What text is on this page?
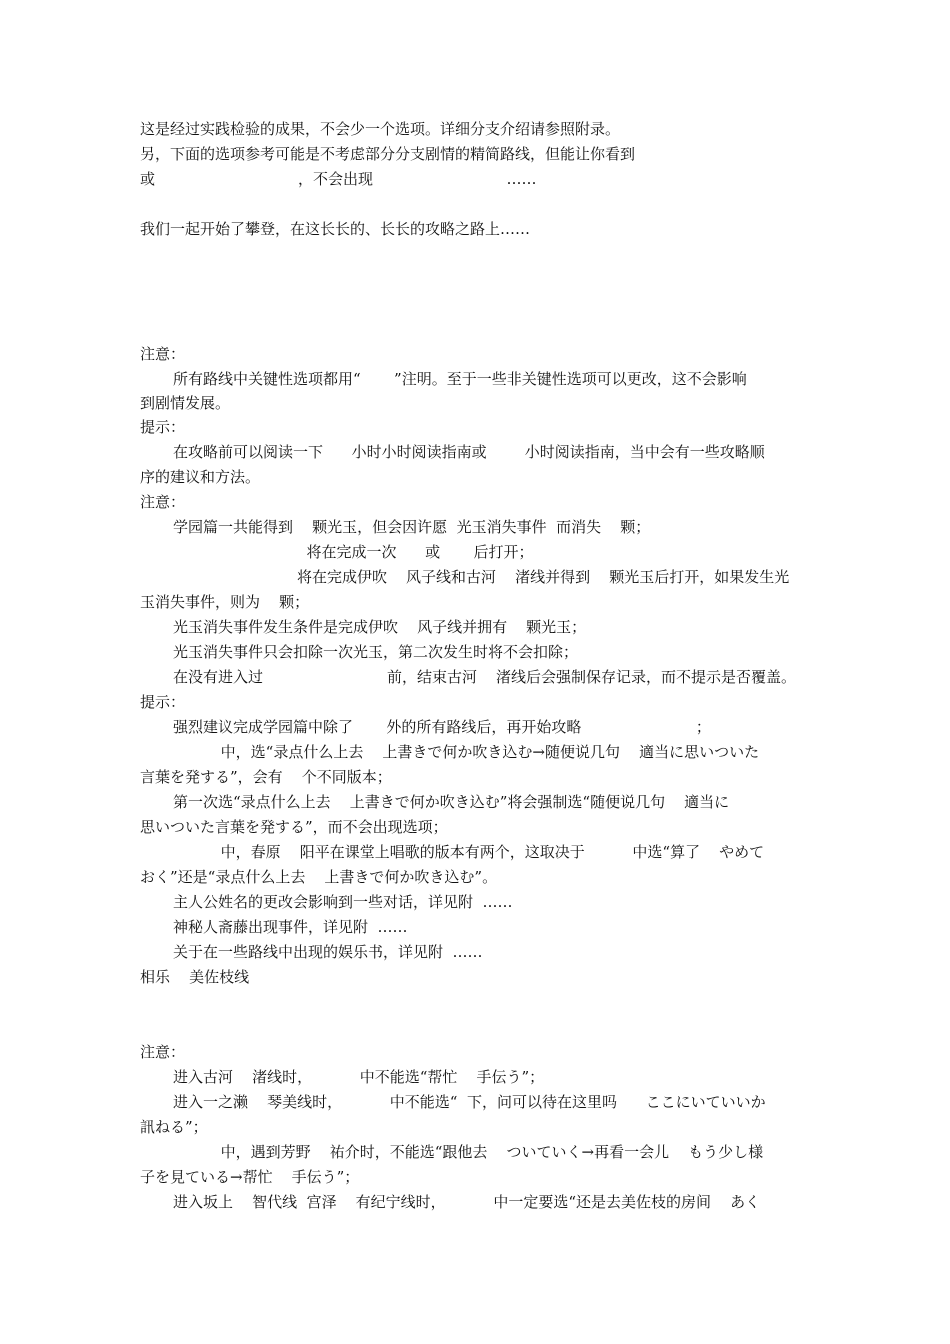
这是经过实践检验的成果，不会少一个选项。详细分支介绍请参照附录。
另，下面的选项参考可能是不考虑部分分支剧情的精简路线，但能让你看到
或                              ，不会出现                            ……
我们一起开始了攀登，在这长长的、长长的攻略之路上……
注意：
所有路线中关键性选项都用“       ”注明。至于一些非关键性选项可以更改，这不会影响
到剧情发展。
提示：
在攻略前可以阅读一下      小时小时阅读指南或        小时阅读指南，当中会有一些攻略顺
序的建议和方法。
注意：
学园篇一共能得到    颗光玉，但会因许愿  光玉消失事件  而消失    颗；
将在完成一次      或       后打开；
将在完成伊吹    风子线和古河    渚线并得到    颗光玉后打开，如果发生光
玉消失事件，则为    颗；
光玉消失事件发生条件是完成伊吹    风子线并拥有    颗光玉；
光玉消失事件只会扣除一次光玉，第二次发生时将不会扣除；
在没有进入过                          前，结束古河    渚线后会强制保存记录，而不提示是否覆盖。
提示：
强烈建议完成学园篇中除了       外的所有路线后，再开始攻略                        ；
中，选“录点什么上去    上書きで何か吹き込む→随便说几句    適当に思いついた
言葉を発する”，会有    个不同版本；
第一次选“录点什么上去    上書きで何か吹き込む”将会强制选“随便说几句    適当に
思いついた言葉を発する”，而不会出现选项；
中，春原    阳平在课堂上唱歌的版本有两个，这取决于          中选“算了    やめて
おく”还是“录点什么上去    上書きで何か吹き込む”。
主人公姓名的更改会影响到一些对话，详见附  ……
神秘人斋藤出现事件，详见附  ……
关于在一些路线中出现的娱乐书，详见附  ……
相乐    美佐枝线
注意：
进入古河    渚线时，          中不能选“帮忙    手伝う”；
进入一之濑    琴美线时，          中不能选“  下，问可以待在这里吗      ここにいていいか
訊ねる”；
中，遇到芳野    祐介时，不能选“跟他去    ついていく→再看一会儿    もう少し様
子を見ている→帮忙    手伝う”；
进入坂上    智代线  宫泽    有纪宁线时，          中一定要选“还是去美佐枝的房间    あく
